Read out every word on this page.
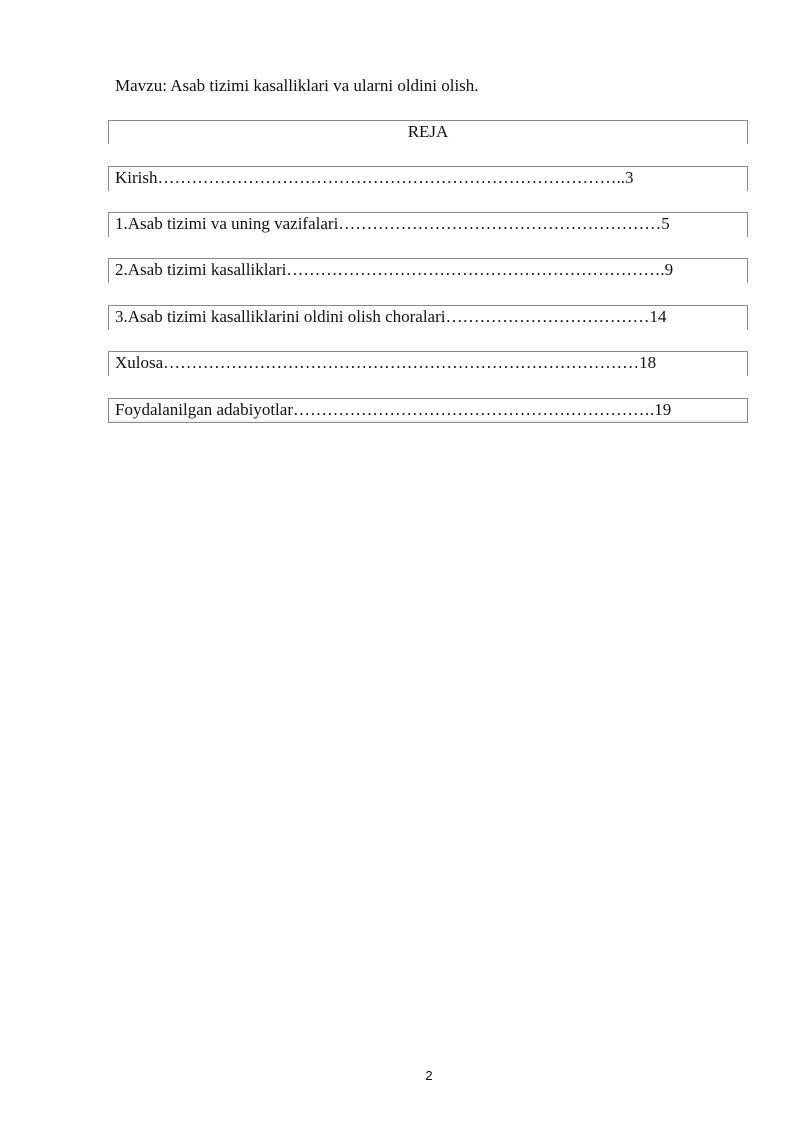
Mavzu: Asab tizimi kasalliklari va ularni oldini olish.
REJA
Kirish………………………………………………………………………..3
1.Asab tizimi va uning vazifalari…………………………………………………5
2.Asab tizimi kasalliklari………………………………………………………….9
3.Asab tizimi kasalliklarini oldini olish choralari………………………………14
Xulosa…………………………………………………………………………18
Foydalanilgan adabiyotlar……………………………………………………….19
2
